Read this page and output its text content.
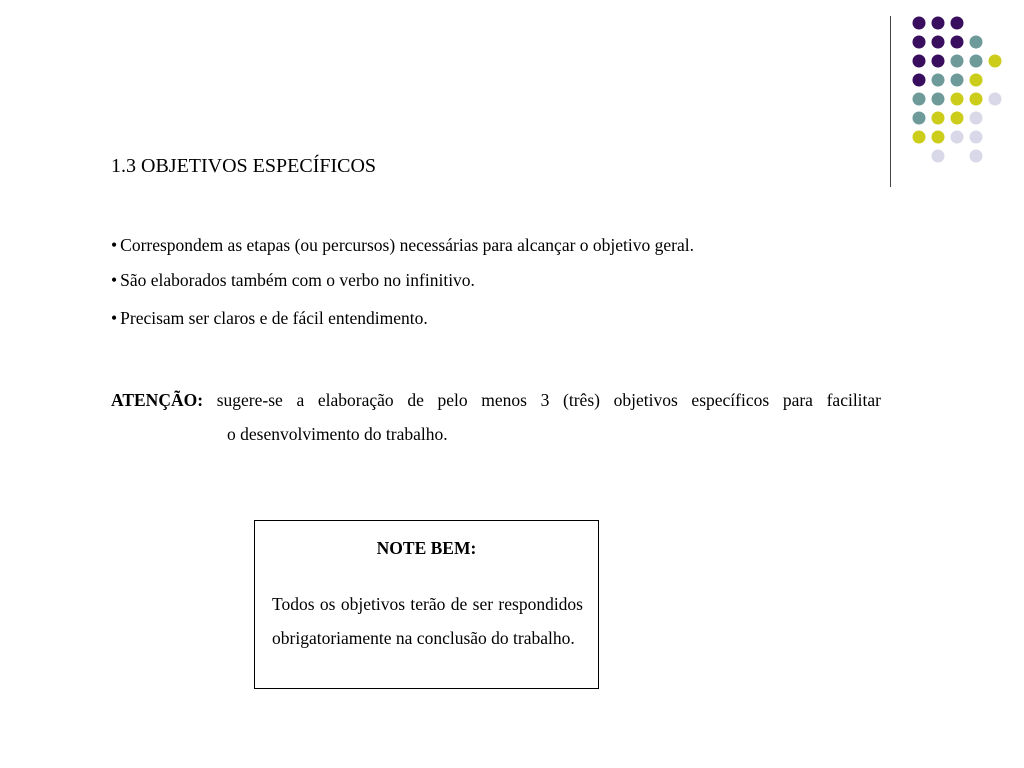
1.3 OBJETIVOS ESPECÍFICOS
• Correspondem as etapas (ou percursos) necessárias para alcançar o objetivo geral.
• São elaborados também com o verbo no infinitivo.
• Precisam ser claros e de fácil entendimento.

ATENÇÃO: sugere-se a elaboração de pelo menos 3 (três) objetivos específicos para facilitar
o desenvolvimento do trabalho.

NOTE BEM:

Todos os objetivos terão de ser respondidos obrigatoriamente na conclusão do trabalho.
